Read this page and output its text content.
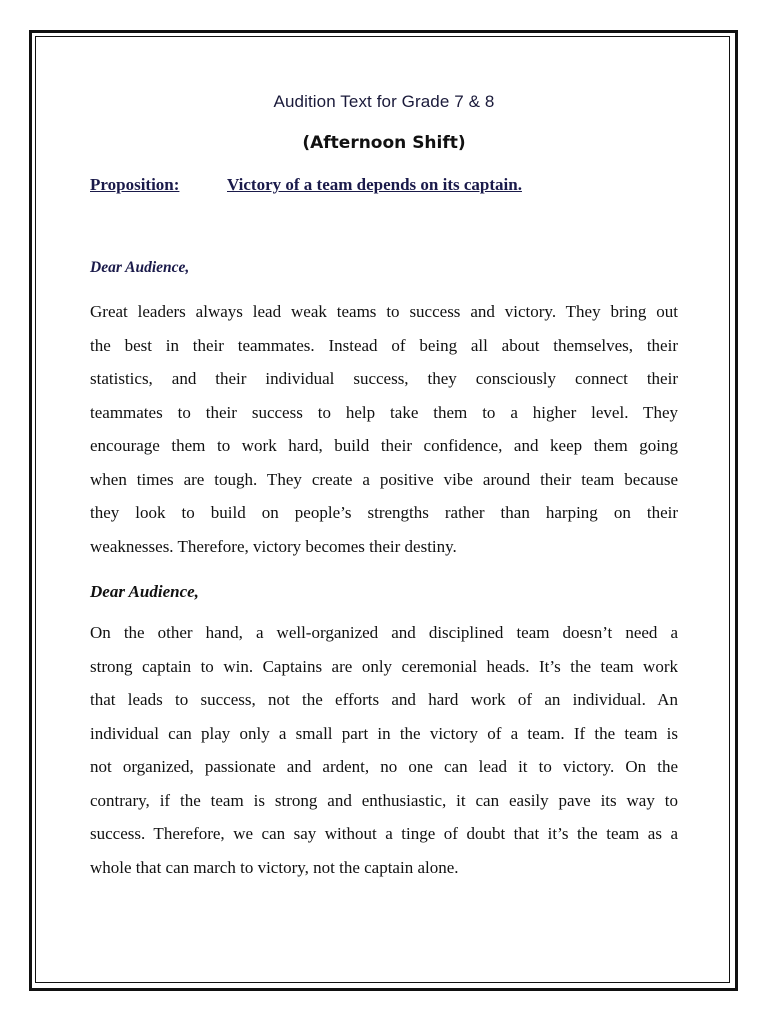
Audition Text for Grade 7 & 8
(Afternoon Shift)
Proposition:	Victory of a team depends on its captain.
Dear Audience,
Great leaders always lead weak teams to success and victory. They bring out
the best in their teammates. Instead of being all about themselves, their
statistics, and their individual success, they consciously connect their
teammates to their success to help take them to a higher level. They
encourage them to work hard, build their confidence, and keep them going
when times are tough. They create a positive vibe around their team because
they look to build on people’s strengths rather than harping on their
weaknesses. Therefore, victory becomes their destiny.
Dear Audience,
On the other hand, a well-organized and disciplined team doesn’t need a
strong captain to win. Captains are only ceremonial heads. It’s the team work
that leads to success, not the efforts and hard work of an individual. An
individual can play only a small part in the victory of a team. If the team is
not organized, passionate and ardent, no one can lead it to victory. On the
contrary, if the team is strong and enthusiastic, it can easily pave its way to
success. Therefore, we can say without a tinge of doubt that it’s the team as a
whole that can march to victory, not the captain alone.
